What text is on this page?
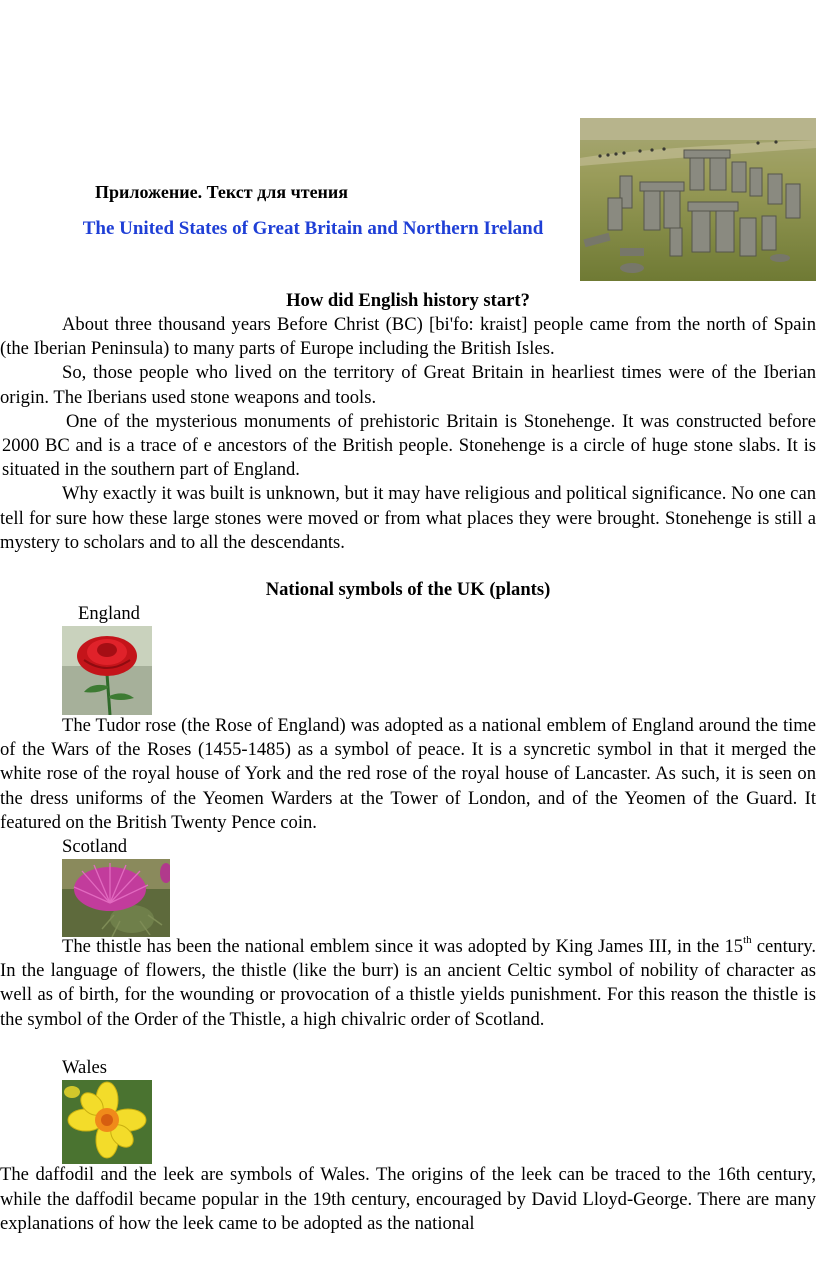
Приложение. Текст для чтения
The United States of Great Britain and Northern Ireland
How did English history start?

About three thousand years Before Christ (BC) [bi'fo: kraist] people came from the north of Spain (the Iberian Peninsula) to many parts of Europe including the British Isles.

So, those people who lived on the territory of Great Britain in hearliest times were of the Iberian origin. The Iberians used stone weapons and tools.

One of the mysterious monuments of prehistoric Britain is Stonehenge. It was constructed before 2000 BC and is a trace of e ancestors of the British people. Stonehenge is a circle of huge stone slabs. It is situated in the southern part of England.

Why exactly it was built is unknown, but it may have religious and political significance. No one can tell for sure how these large stones were moved or from what places they were brought. Stonehenge is still a mystery to scholars and to all the descendants.

National symbols of the UK (plants)
England

The Tudor rose (the Rose of England) was adopted as a national emblem of England around the time of the Wars of the Roses (1455-1485) as a symbol of peace. It is a syncretic symbol in that it merged the white rose of the royal house of York and the red rose of the royal house of Lancaster. As such, it is seen on the dress uniforms of the Yeomen Warders at the Tower of London, and of the Yeomen of the Guard. It featured on the British Twenty Pence coin.

Scotland

The thistle has been the national emblem since it was adopted by King James III, in the 15th century. In the language of flowers, the thistle (like the burr) is an ancient Celtic symbol of nobility of character as well as of birth, for the wounding or provocation of a thistle yields punishment. For this reason the thistle is the symbol of the Order of the Thistle, a high chivalric order of Scotland.

Wales

The daffodil and the leek are symbols of Wales. The origins of the leek can be traced to the 16th century, while the daffodil became popular in the 19th century, encouraged by David Lloyd-George. There are many explanations of how the leek came to be adopted as the national
